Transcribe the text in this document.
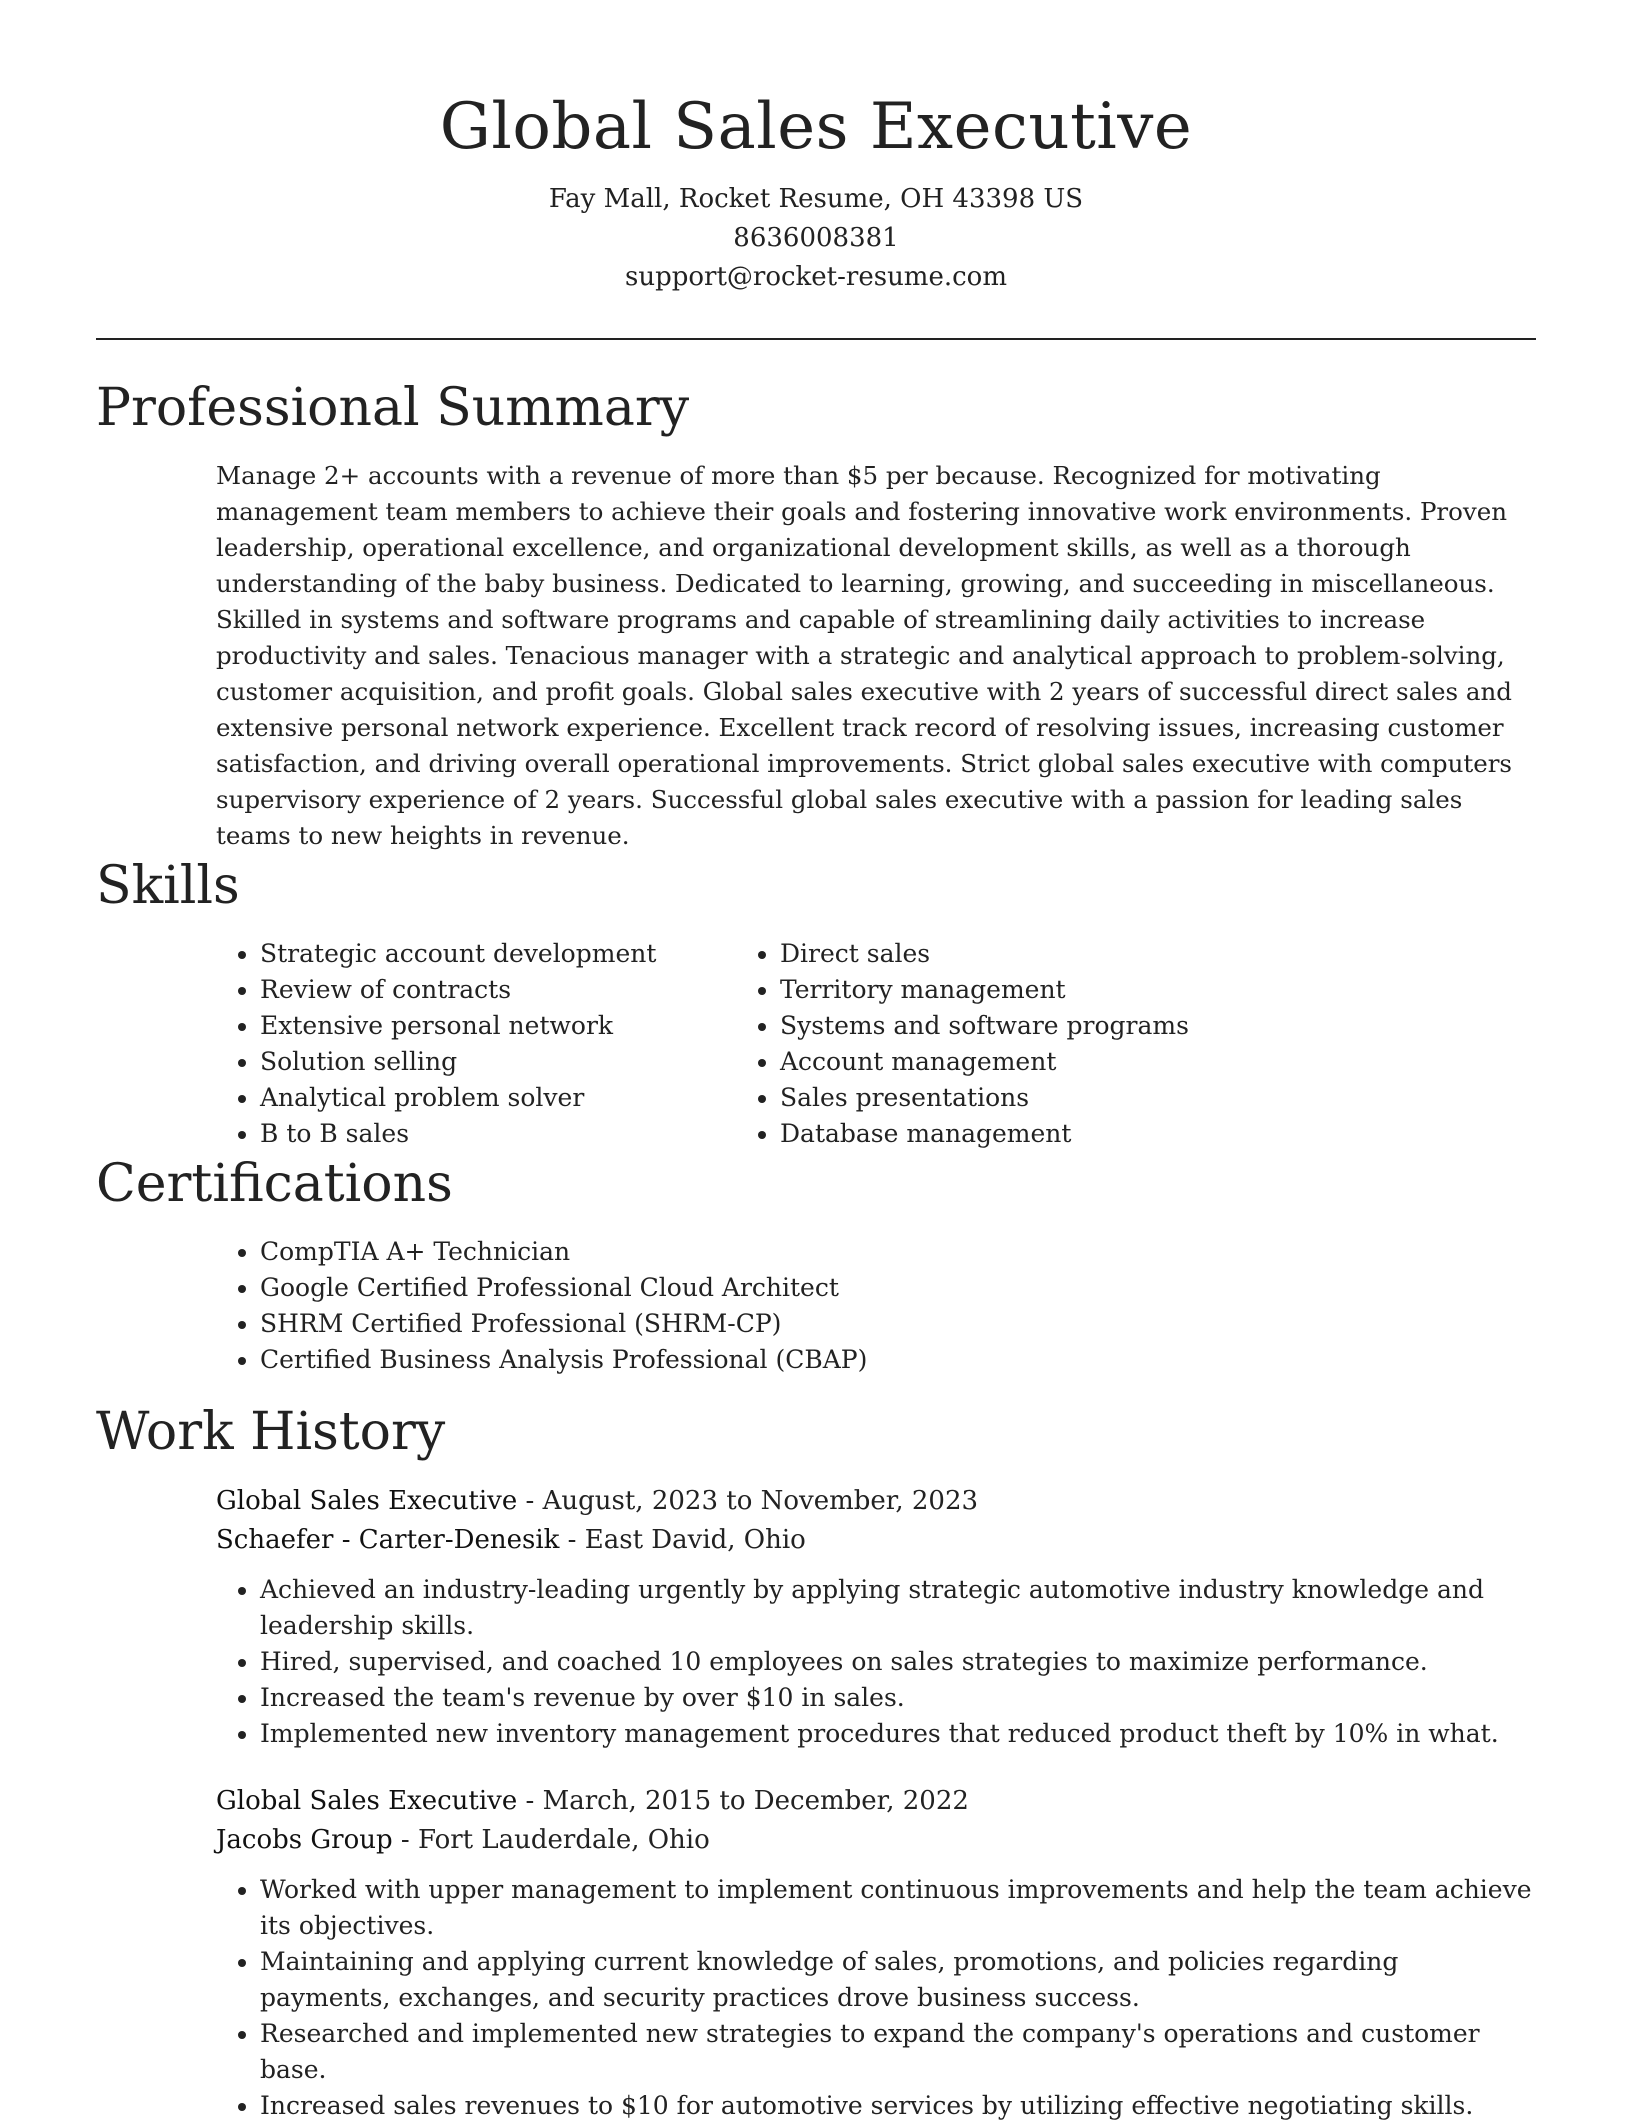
Global Sales Executive
Fay Mall, Rocket Resume, OH 43398 US
8636008381
support@rocket-resume.com
Professional Summary

Manage 2+ accounts with a revenue of more than $5 per because. Recognized for motivating management team members to achieve their goals and fostering innovative work environments. Proven leadership, operational excellence, and organizational development skills, as well as a thorough understanding of the baby business. Dedicated to learning, growing, and succeeding in miscellaneous. Skilled in systems and software programs and capable of streamlining daily activities to increase productivity and sales. Tenacious manager with a strategic and analytical approach to problem-solving, customer acquisition, and profit goals. Global sales executive with 2 years of successful direct sales and extensive personal network experience. Excellent track record of resolving issues, increasing customer satisfaction, and driving overall operational improvements. Strict global sales executive with computers supervisory experience of 2 years. Successful global sales executive with a passion for leading sales teams to new heights in revenue.

Skills
• Strategic account development
• Review of contracts
• Extensive personal network
• Solution selling
• Analytical problem solver
• B to B sales
• Direct sales
• Territory management
• Systems and software programs
• Account management
• Sales presentations
• Database management
Certifications
• CompTIA A+ Technician
• Google Certified Professional Cloud Architect
• SHRM Certified Professional (SHRM-CP)
• Certified Business Analysis Professional (CBAP)
Work History
Global Sales Executive - August, 2023 to November, 2023
Schaefer - Carter-Denesik - East David, Ohio
• Achieved an industry-leading urgently by applying strategic automotive industry knowledge and leadership skills.
• Hired, supervised, and coached 10 employees on sales strategies to maximize performance.
• Increased the team's revenue by over $10 in sales.
• Implemented new inventory management procedures that reduced product theft by 10% in what.
Global Sales Executive - March, 2015 to December, 2022
Jacobs Group - Fort Lauderdale, Ohio
• Worked with upper management to implement continuous improvements and help the team achieve its objectives.
• Maintaining and applying current knowledge of sales, promotions, and policies regarding payments, exchanges, and security practices drove business success.
• Researched and implemented new strategies to expand the company's operations and customer base.
• Increased sales revenues to $10 for automotive services by utilizing effective negotiating skills.
